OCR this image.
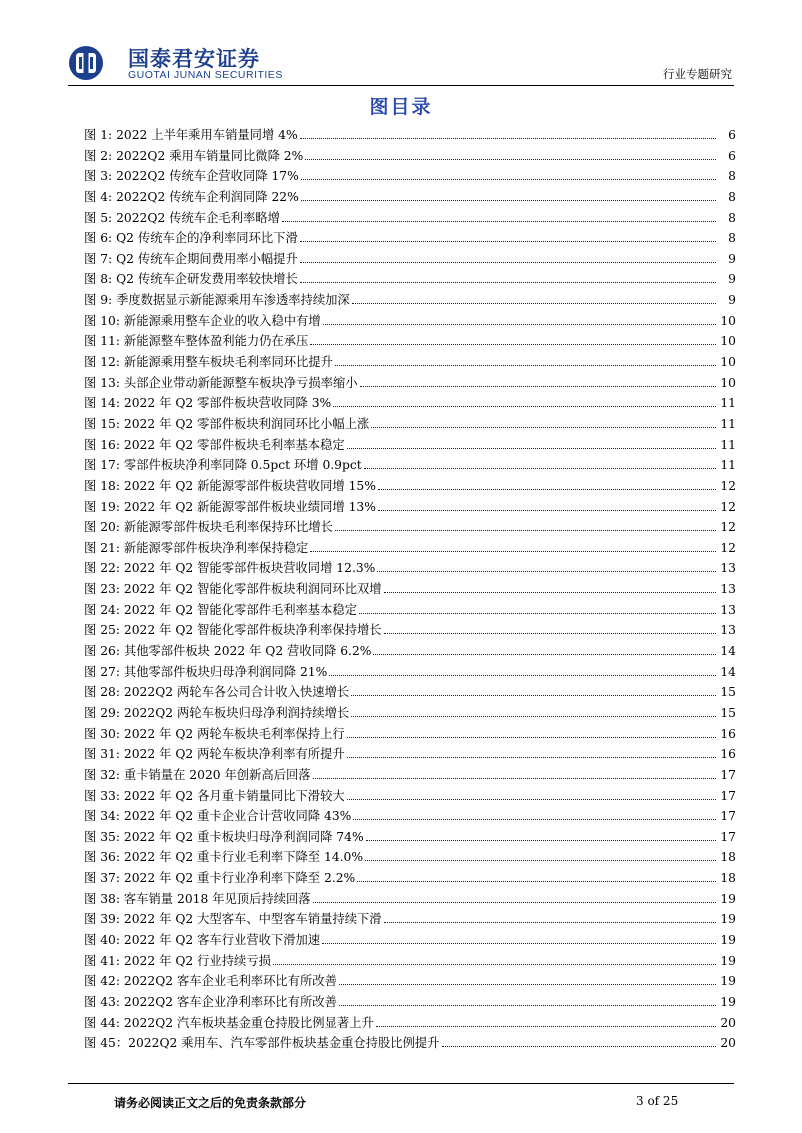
国泰君安证券
GUOTAI JUNAN SECURITIES	行业专题研究
图目录
图 1: 2022 上半年乘用车销量同增 4%	6
图 2: 2022Q2 乘用车销量同比微降 2%	6
图 3: 2022Q2 传统车企营收同降 17%	8
图 4: 2022Q2 传统车企利润同降 22%	8
图 5: 2022Q2 传统车企毛利率略增	8
图 6: Q2 传统车企的净利率同环比下滑	8
图 7: Q2 传统车企期间费用率小幅提升	9
图 8: Q2 传统车企研发费用率较快增长	9
图 9: 季度数据显示新能源乘用车渗透率持续加深	9
图 10: 新能源乘用整车企业的收入稳中有增	10
图 11: 新能源整车整体盈利能力仍在承压	10
图 12: 新能源乘用整车板块毛利率同环比提升	10
图 13: 头部企业带动新能源整车板块净亏损率缩小	10
图 14: 2022 年 Q2 零部件板块营收同降 3%	11
图 15: 2022 年 Q2 零部件板块利润同环比小幅上涨	11
图 16: 2022 年 Q2 零部件板块毛利率基本稳定	11
图 17: 零部件板块净利率同降 0.5pct 环增 0.9pct	11
图 18: 2022 年 Q2 新能源零部件板块营收同增 15%	12
图 19: 2022 年 Q2 新能源零部件板块业绩同增 13%	12
图 20: 新能源零部件板块毛利率保持环比增长	12
图 21: 新能源零部件板块净利率保持稳定	12
图 22: 2022 年 Q2 智能零部件板块营收同增 12.3%	13
图 23: 2022 年 Q2 智能化零部件板块利润同环比双增	13
图 24: 2022 年 Q2 智能化零部件毛利率基本稳定	13
图 25: 2022 年 Q2 智能化零部件板块净利率保持增长	13
图 26: 其他零部件板块 2022 年 Q2 营收同降 6.2%	14
图 27: 其他零部件板块归母净利润同降 21%	14
图 28: 2022Q2 两轮车各公司合计收入快速增长	15
图 29: 2022Q2 两轮车板块归母净利润持续增长	15
图 30: 2022 年 Q2 两轮车板块毛利率保持上行	16
图 31: 2022 年 Q2 两轮车板块净利率有所提升	16
图 32: 重卡销量在 2020 年创新高后回落	17
图 33: 2022 年 Q2 各月重卡销量同比下滑较大	17
图 34: 2022 年 Q2 重卡企业合计营收同降 43%	17
图 35: 2022 年 Q2 重卡板块归母净利润同降 74%	17
图 36: 2022 年 Q2 重卡行业毛利率下降至 14.0%	18
图 37: 2022 年 Q2 重卡行业净利率下降至 2.2%	18
图 38: 客车销量 2018 年见顶后持续回落	19
图 39: 2022 年 Q2 大型客车、中型客车销量持续下滑	19
图 40: 2022 年 Q2 客车行业营收下滑加速	19
图 41: 2022 年 Q2 行业持续亏损	19
图 42: 2022Q2 客车企业毛利率环比有所改善	19
图 43: 2022Q2 客车企业净利率环比有所改善	19
图 44: 2022Q2 汽车板块基金重仓持股比例显著上升	20
图 45：2022Q2 乘用车、汽车零部件板块基金重仓持股比例提升	20
请务必阅读正文之后的免责条款部分	3 of 25
